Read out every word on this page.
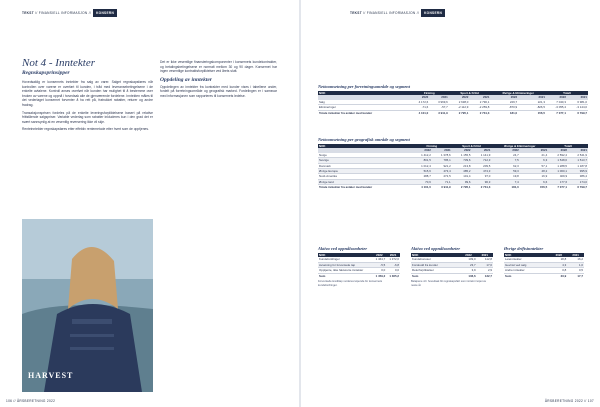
TEKST // FINANSIELL INFORMASJON // KONSERN
Not 4 - Inntekter
Regnskapsprinsipper

Hovedsaklig er konsernets inntekter fra salg av varer. Salget regnskapsføres når kontrollen over varene er overført til kunden, i tråd med leveransebetingelsene i de enkelte avtalene. Kontroll anses overført når kunden har mulighet til å bestemme over bruken av varene og oppnå i hovedsak alle de gjenværende fordelene. Inntekten måles til det vederlaget konsernet forventer å ha rett på, fratrukket rabatter, returer og andre fradrag.

Transaksjonsprisen fordeles på de enkelte leveringsforpliktelsene basert på relative frittstående salgspriser. Variable vederlag som rabatter inkluderes kun i den grad det er svært sannsynlig at en vesentlig reversering ikke vil skje.

Renteinntekter regnskapsføres etter effektiv rentemetode etter hvert som de opptjenes.

HARVEST

Det er ikke vesentlige finansieringskomponenter i konsernets kundekontrakter, og betalingsbetingelsene er normalt mellom 30 og 90 dager. Konsernet har ingen vesentlige kontraktsforpliktelser ved årets slutt.

Oppdeling av inntekter

Oppdelingen av inntekter fra kontrakter med kunder vises i tabellene under, fordelt på forretningsområde og geografisk marked. Fordelingen er i samsvar med informasjonen som rapporteres til konsernets ledelse.

106 // ÅRSBERETNING 2022
TEKST // FINANSIELL INFORMASJON // KONSERN
Nettoomsetning per forretningsområde og segment
NOK	Firming		Sport & Fritid		Øvrige & Elimineringer		Totalt	
	2022	2021	2022	2021	2022	2021	2022	2021
Salg	4 172,6	3 969,6	2 638,0	2 790,1	229,7	221,3	7 040,3	6 981,0
Elimineringer	-71,6	-57,7	-2 112,9	-2 259,8	-870,9	-826,5	-3 055,4	-3 144,0
Totale inntekter fra avtaler med kunder	4 101,0	3 911,9	2 795,1	2 731,3	181,0	156,5	7 077,1	6 799,7
Nettoomsetning per geografisk område og segment
NOK	Firming		Sport & Fritid		Øvrige & Elimineringer		Totalt	
	2022	2021	2022	2021	2022	2021	2022	2021
Norge	1 412,2	1 378,6	1 155,5	1 141,9	24,7	21,4	2 592,4	2 541,9
Sverige	801,5	795,1	739,6	712,3	7,5	6,3	1 548,6	1 513,7
Danmark	1 012,4	921,2	213,8	209,5	62,3	57,1	1 288,5	1 187,8
Øvrige Europa	515,6	473,4	485,2	474,3	59,3	48,2	1 060,1	995,9
Nord-Amerika	288,7	272,5	101,4	97,0	19,8	16,9	409,9	386,4
Øvrige land	70,6	71,1	99,6	96,3	7,4	6,6	177,6	174,0
Totale inntekter fra avtaler med kunder	4 101,0	3 911,9	2 795,1	2 731,3	181,0	156,5	7 077,1	6 799,7
Aktiva ved oppnålsomheter
NOK	2022	2021
Kundefordringer	1 464,7	1 372,0
Avsetning for forventede tap	-5,5	-6,8
Opptjente, ikke fakturerte inntekter	0,0	0,0
Sum	1 459,2	1 365,2
Forventede kredittap vurderes løpende for konsernets kundefordringer.
Aktiva ved oppnålsomheter
NOK	2022	2021
Kundebonuser	109,0	112,8
Forskudd fra kunder	23,7	17,0
Returforpliktelser	3,9	2,9
Sum	136,6	132,7
Beløpene vil i hovedsak bli regnskapsført som inntekt i løpet av neste år.
Øvrige driftsinntekter
NOK	2022	2021
Leieinntekter	18,8	16,2
Gevinst ved salg	4,3	1,0
Andre inntekter	0,8	0,5
Sum	23,9	17,7
ÅRSBERETNING 2022 // 107
